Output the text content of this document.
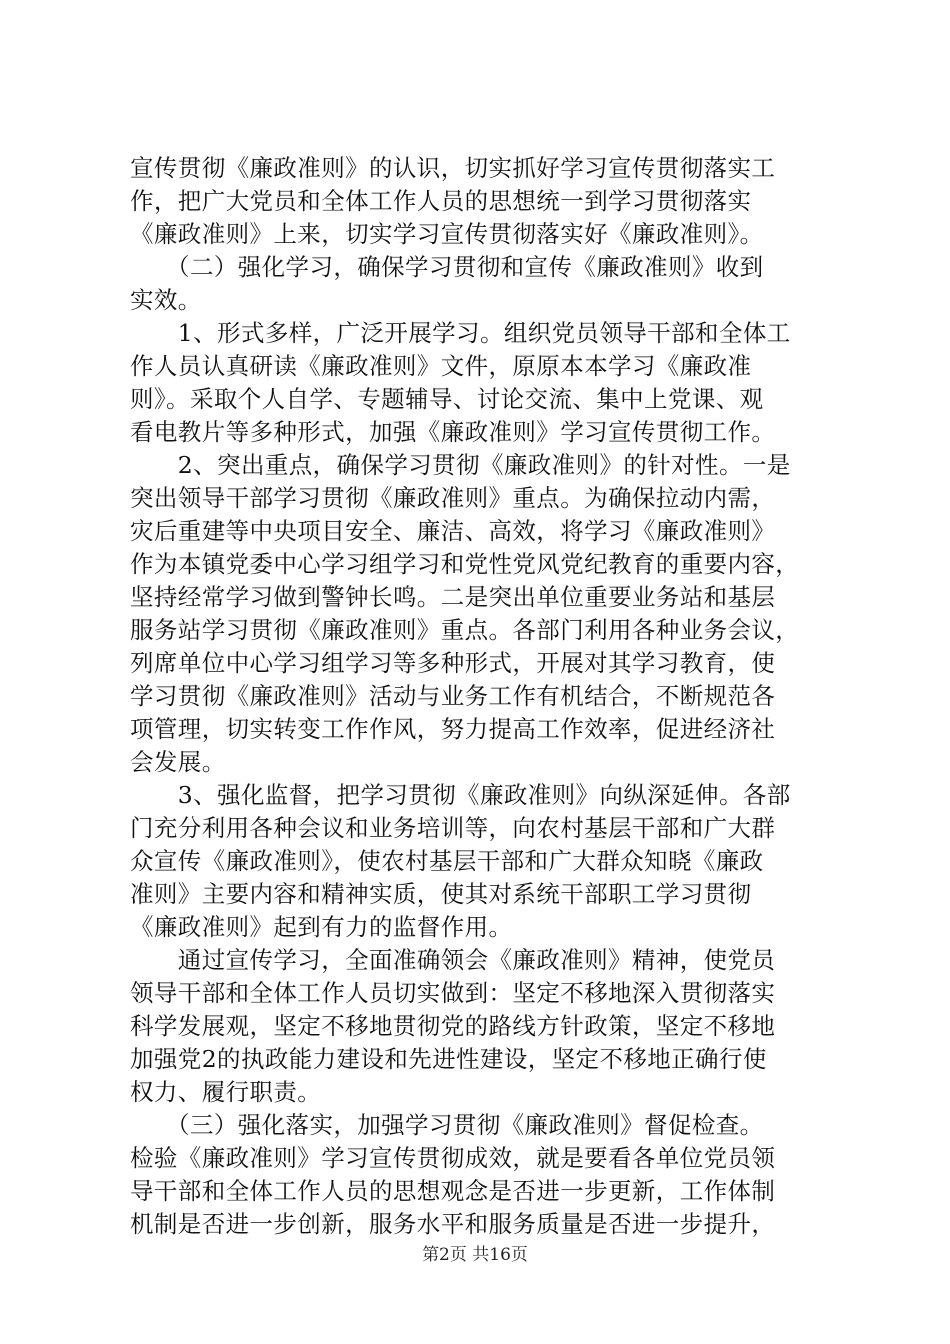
宣传贯彻《廉政准则》的认识，切实抓好学习宣传贯彻落实工
作，把广大党员和全体工作人员的思想统一到学习贯彻落实
《廉政准则》上来，切实学习宣传贯彻落实好《廉政准则》。
　　（二）强化学习，确保学习贯彻和宣传《廉政准则》收到
实效。
　　1、形式多样，广泛开展学习。组织党员领导干部和全体工
作人员认真研读《廉政准则》文件，原原本本学习《廉政准
则》。采取个人自学、专题辅导、讨论交流、集中上党课、观
看电教片等多种形式，加强《廉政准则》学习宣传贯彻工作。
　　2、突出重点，确保学习贯彻《廉政准则》的针对性。一是
突出领导干部学习贯彻《廉政准则》重点。为确保拉动内需，
灾后重建等中央项目安全、廉洁、高效，将学习《廉政准则》
作为本镇党委中心学习组学习和党性党风党纪教育的重要内容，
坚持经常学习做到警钟长鸣。二是突出单位重要业务站和基层
服务站学习贯彻《廉政准则》重点。各部门利用各种业务会议，
列席单位中心学习组学习等多种形式，开展对其学习教育，使
学习贯彻《廉政准则》活动与业务工作有机结合，不断规范各
项管理，切实转变工作作风，努力提高工作效率，促进经济社
会发展。
　　3、强化监督，把学习贯彻《廉政准则》向纵深延伸。各部
门充分利用各种会议和业务培训等，向农村基层干部和广大群
众宣传《廉政准则》，使农村基层干部和广大群众知晓《廉政
准则》主要内容和精神实质，使其对系统干部职工学习贯彻
《廉政准则》起到有力的监督作用。
　　通过宣传学习，全面准确领会《廉政准则》精神，使党员
领导干部和全体工作人员切实做到：坚定不移地深入贯彻落实
科学发展观，坚定不移地贯彻党的路线方针政策，坚定不移地
加强党2的执政能力建设和先进性建设，坚定不移地正确行使
权力、履行职责。
　　（三）强化落实，加强学习贯彻《廉政准则》督促检查。
检验《廉政准则》学习宣传贯彻成效，就是要看各单位党员领
导干部和全体工作人员的思想观念是否进一步更新，工作体制
机制是否进一步创新，服务水平和服务质量是否进一步提升，
第2页 共16页
